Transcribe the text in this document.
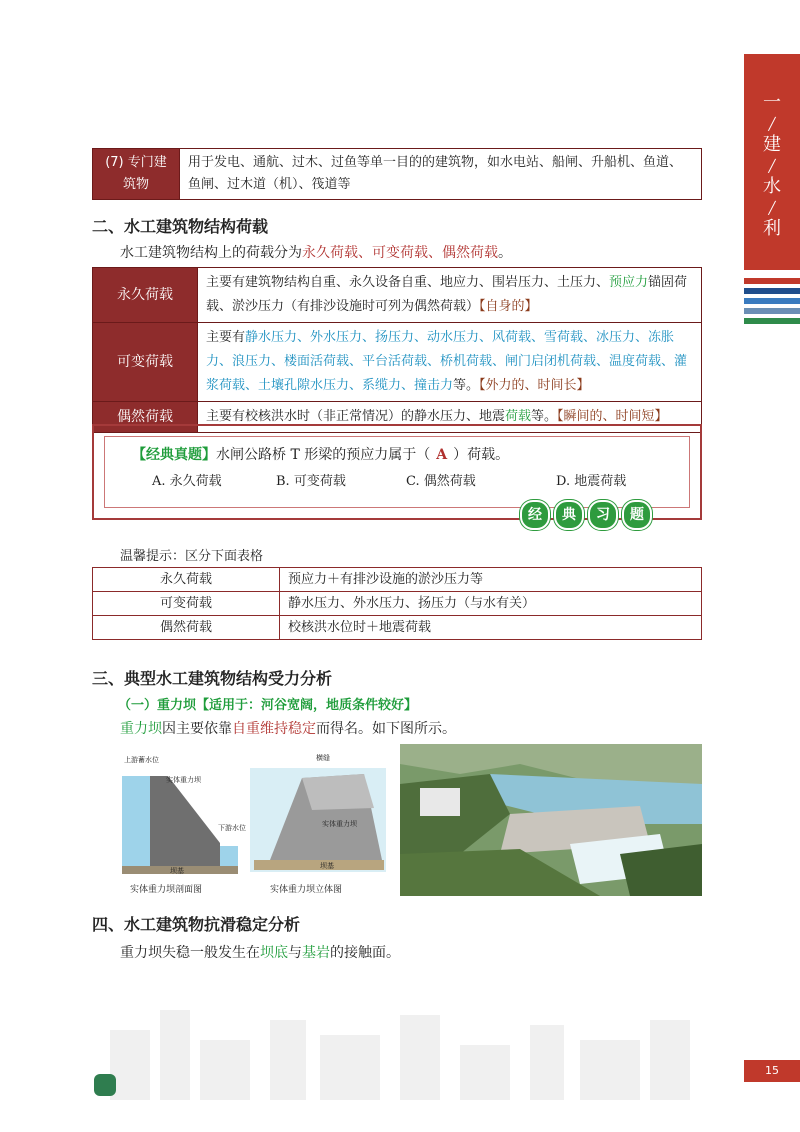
一
╱
建
╱
水
╱
利
(7) 专门建
筑物
	用于发电、通航、过木、过鱼等单一目的的建筑物，如水电站、船闸、升船机、鱼道、鱼闸、过木道（机）、筏道等
二、水工建筑物结构荷载
水工建筑物结构上的荷载分为永久荷载、可变荷载、偶然荷载。
永久荷载	主要有建筑物结构自重、永久设备自重、地应力、围岩压力、土压力、预应力锚固荷载、淤沙压力（有排沙设施时可列为偶然荷载）【自身的】
可变荷载	主要有静水压力、外水压力、扬压力、动水压力、风荷载、雪荷载、冰压力、冻胀力、浪压力、楼面活荷载、平台活荷载、桥机荷载、闸门启闭机荷载、温度荷载、灌浆荷载、土壤孔隙水压力、系缆力、撞击力等。【外力的、时间长】
偶然荷载	主要有校核洪水时（非正常情况）的静水压力、地震荷载等。【瞬间的、时间短】
【经典真题】水闸公路桥 T 形梁的预应力属于（ A ）荷载。
A. 永久荷载	B. 可变荷载	C. 偶然荷载	D. 地震荷载
经	典	习	题
温馨提示：区分下面表格
永久荷载	预应力＋有排沙设施的淤沙压力等
可变荷载	静水压力、外水压力、扬压力（与水有关）
偶然荷载	校核洪水位时＋地震荷载
三、典型水工建筑物结构受力分析
（一）重力坝【适用于：河谷宽阔，地质条件较好】
重力坝因主要依靠自重维持稳定而得名。如下图所示。
上游蓄水位
实体重力坝
下游水位
坝基
横缝
实体重力坝
坝基
实体重力坝剖面图	实体重力坝立体图
四、水工建筑物抗滑稳定分析
重力坝失稳一般发生在坝底与基岩的接触面。
15
